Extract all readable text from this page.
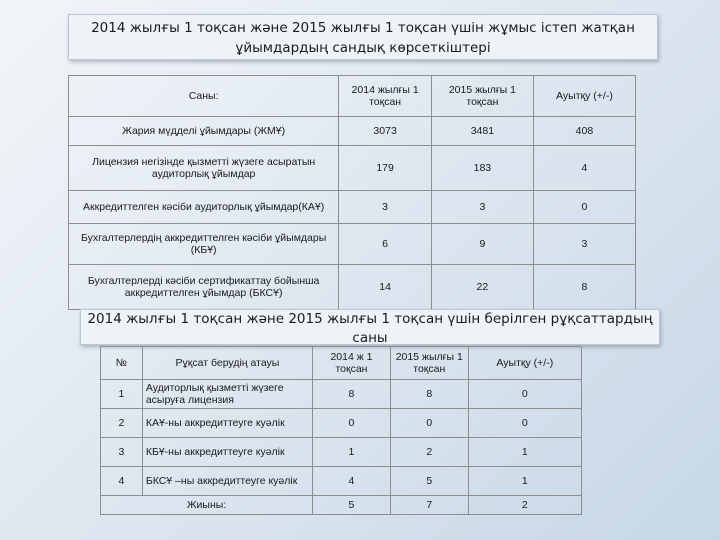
2014 жылғы 1 тоқсан және 2015 жылғы 1 тоқсан үшін жұмыс істеп жатқан ұйымдардың сандық көрсеткіштері
Саны:	2014 жылғы 1 тоқсан	2015 жылғы 1 тоқсан	Ауытқу (+/-)
Жария мүдделі ұйымдары (ЖМҰ)	3073	3481	408
Лицензия негізінде қызметті жүзеге асыратын аудиторлық ұйымдар	179	183	4
Аккредиттелген кәсіби аудиторлық ұйымдар(КАҰ)	3	3	0
Бухгалтерлердің аккредиттелген кәсіби ұйымдары (КБҰ)	6	9	3
Бухгалтерлерді кәсіби сертификаттау бойынша аккредиттелген ұйымдар (БКСҰ)	14	22	8
2014 жылғы 1 тоқсан және 2015 жылғы 1 тоқсан үшін берілген рұқсаттардың саны
№	Рұқсат берудің атауы	2014 ж 1 тоқсан	2015 жылғы 1 тоқсан	Ауытқу (+/-)
1	Аудиторлық қызметті жүзеге асыруға лицензия	8	8	0
2	КАҰ-ны аккредиттеуге куәлік	0	0	0
3	КБҰ-ны аккредиттеуге куәлік	1	2	1
4	БКСҰ –ны аккредиттеуге куәлік	4	5	1
Жиыны:		5	7	2
